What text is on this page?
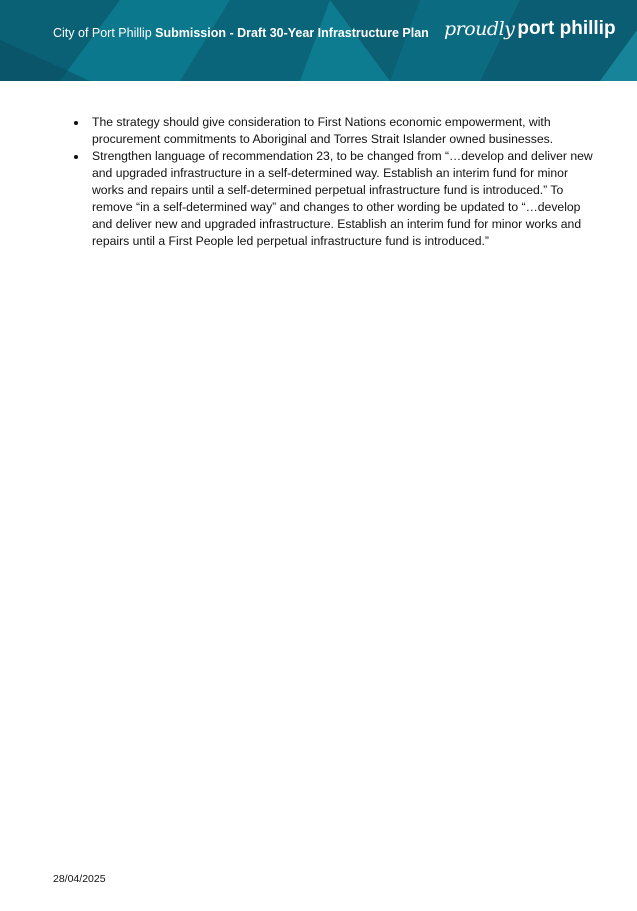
City of Port Phillip Submission - Draft 30-Year Infrastructure Plan proudly port phillip
The strategy should give consideration to First Nations economic empowerment, with procurement commitments to Aboriginal and Torres Strait Islander owned businesses.
Strengthen language of recommendation 23, to be changed from “…develop and deliver new and upgraded infrastructure in a self-determined way. Establish an interim fund for minor works and repairs until a self-determined perpetual infrastructure fund is introduced.” To remove “in a self-determined way” and changes to other wording be updated to “…develop and deliver new and upgraded infrastructure. Establish an interim fund for minor works and repairs until a First People led perpetual infrastructure fund is introduced.”
28/04/2025
